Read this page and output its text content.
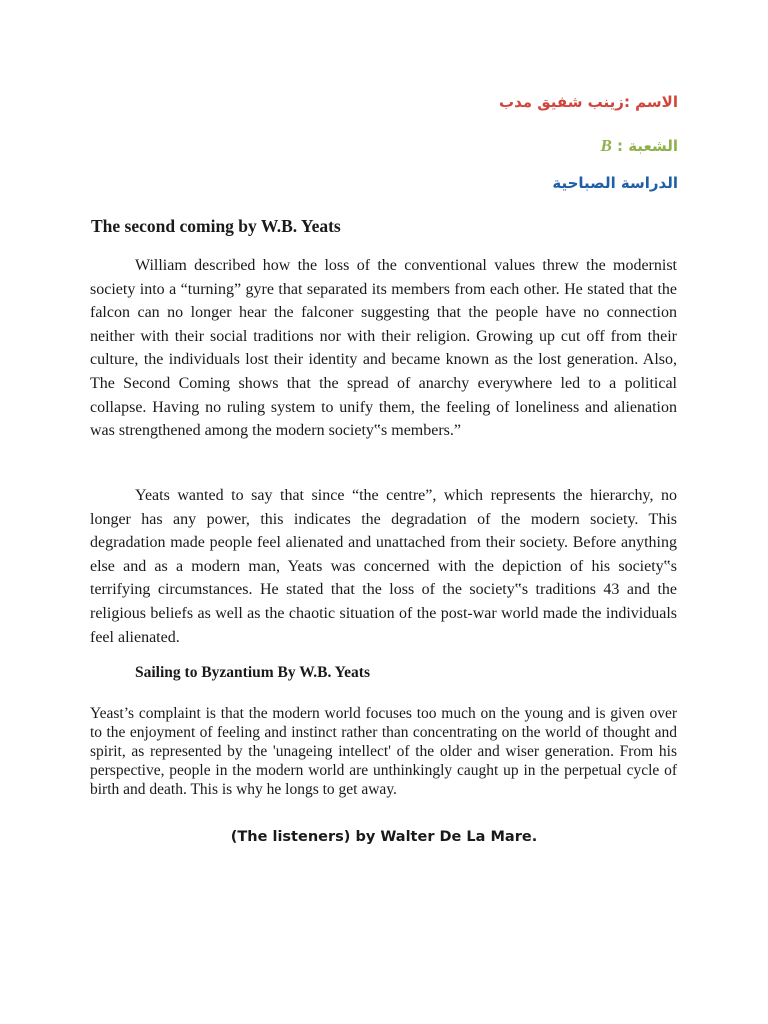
الاسم :زينب شفيق مدب
الشعبة : B
الدراسة الصباحية
The second coming by W.B. Yeats

William described how the loss of the conventional values threw the modernist society into a “turning” gyre that separated its members from each other. He stated that the falcon can no longer hear the falconer suggesting that the people have no connection neither with their social traditions nor with their religion. Growing up cut off from their culture, the individuals lost their identity and became known as the lost generation. Also, The Second Coming shows that the spread of anarchy everywhere led to a political collapse. Having no ruling system to unify them, the feeling of loneliness and alienation was strengthened among the modern society‟s members.”

Yeats wanted to say that since “the centre”, which represents the hierarchy, no longer has any power, this indicates the degradation of the modern society. This degradation made people feel alienated and unattached from their society. Before anything else and as a modern man, Yeats was concerned with the depiction of his society‟s terrifying circumstances. He stated that the loss of the society‟s traditions 43 and the religious beliefs as well as the chaotic situation of the post-war world made the individuals feel alienated.

Sailing to Byzantium By W.B. Yeats

Yeast’s complaint is that the modern world focuses too much on the young and is given over to the enjoyment of feeling and instinct rather than concentrating on the world of thought and spirit, as represented by the 'unageing intellect' of the older and wiser generation. From his perspective, people in the modern world are unthinkingly caught up in the perpetual cycle of birth and death. This is why he longs to get away.

(The listeners) by Walter De La Mare.
